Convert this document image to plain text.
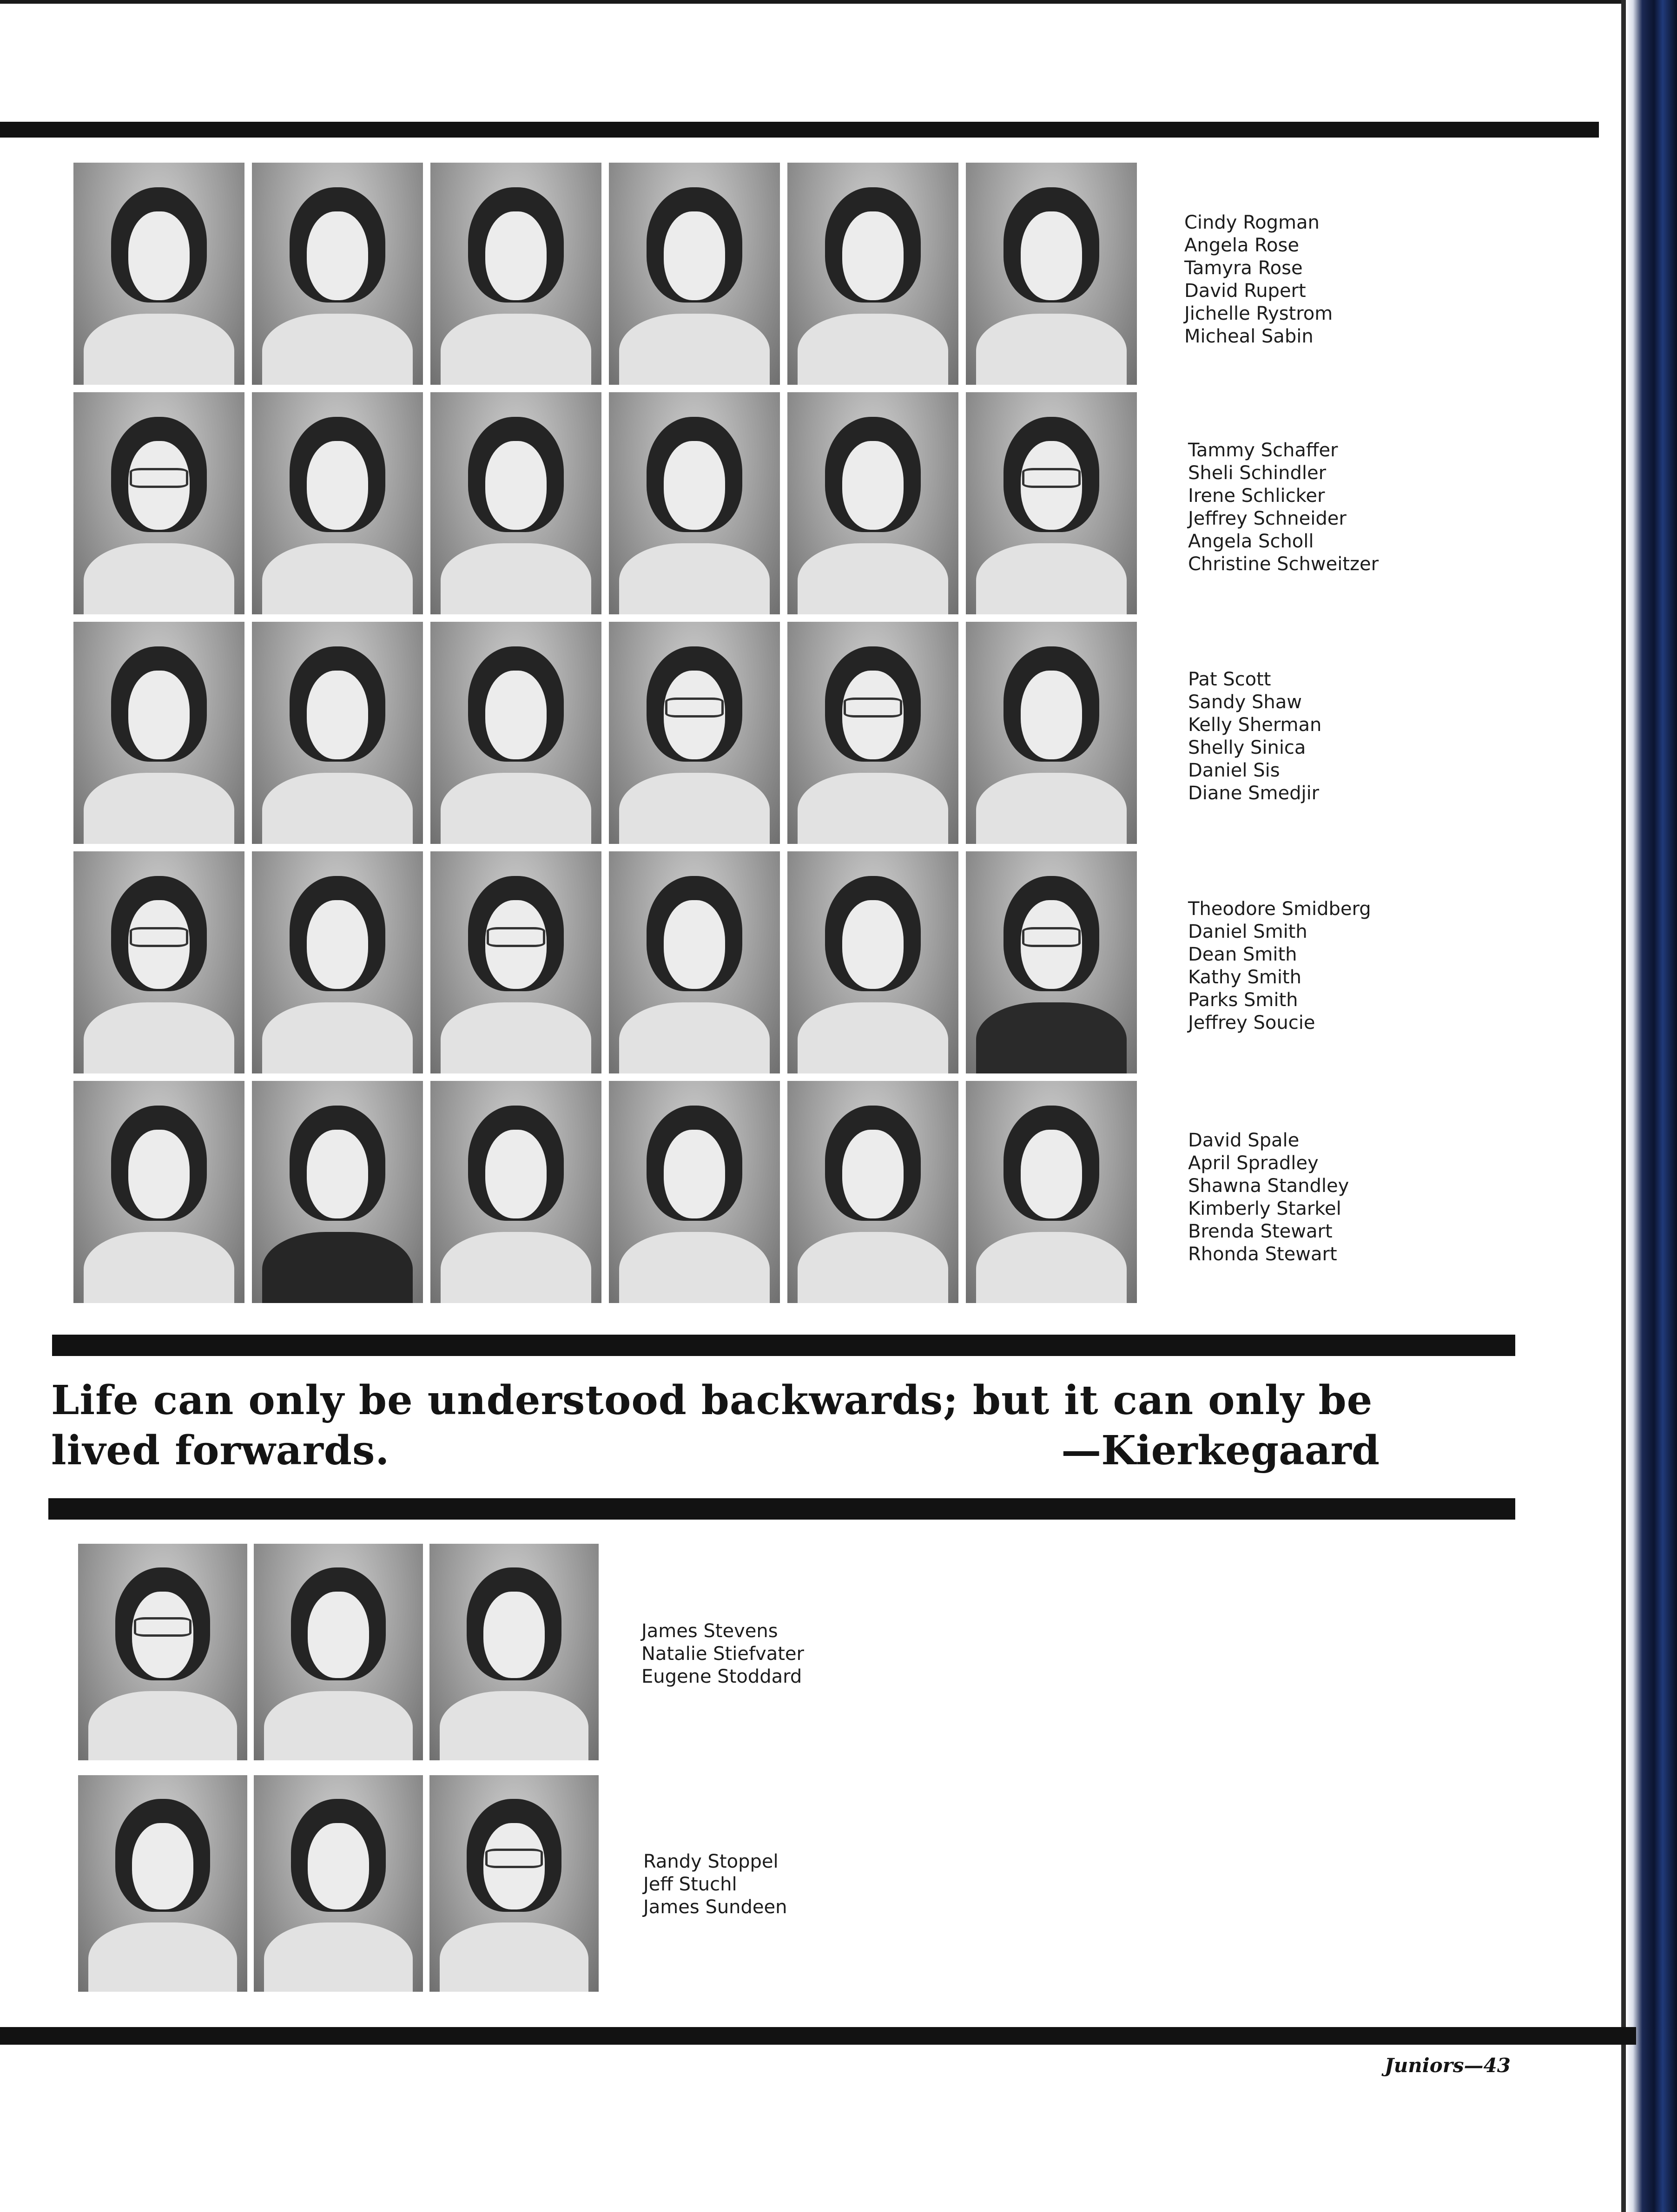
Cindy Rogman
Angela Rose
Tamyra Rose
David Rupert
Jichelle Rystrom
Micheal Sabin
Tammy Schaffer
Sheli Schindler
Irene Schlicker
Jeffrey Schneider
Angela Scholl
Christine Schweitzer
Pat Scott
Sandy Shaw
Kelly Sherman
Shelly Sinica
Daniel Sis
Diane Smedjir
Theodore Smidberg
Daniel Smith
Dean Smith
Kathy Smith
Parks Smith
Jeffrey Soucie
David Spale
April Spradley
Shawna Standley
Kimberly Starkel
Brenda Stewart
Rhonda Stewart

Life can only be understood backwards; but it can only be lived forwards.	—Kierkegaard

James Stevens
Natalie Stiefvater
Eugene Stoddard
Randy Stoppel
Jeff Stuchl
James Sundeen
Juniors—43
